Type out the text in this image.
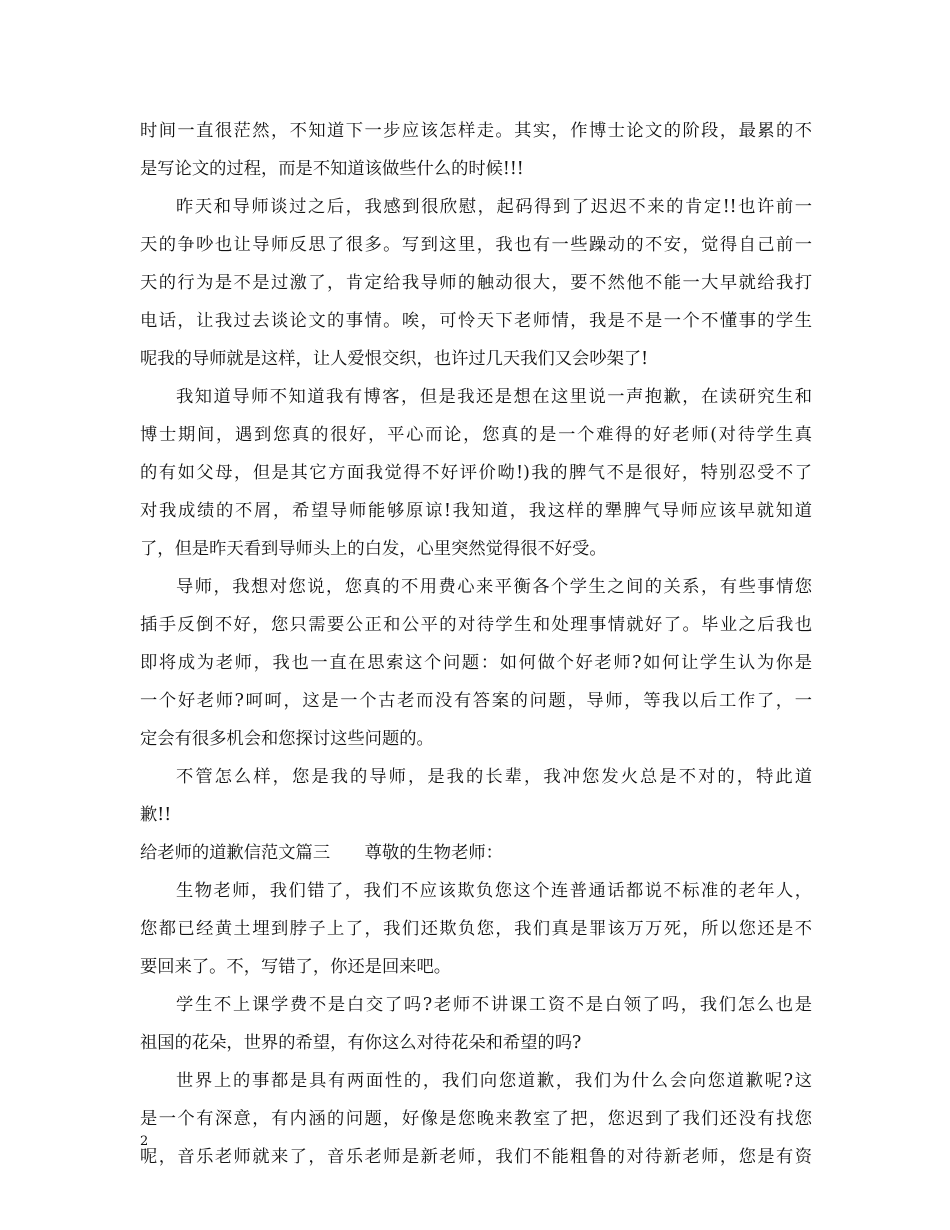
时间一直很茫然，不知道下一步应该怎样走。其实，作博士论文的阶段，最累的不
是写论文的过程，而是不知道该做些什么的时候!!!
昨天和导师谈过之后，我感到很欣慰，起码得到了迟迟不来的肯定!!也许前一
天的争吵也让导师反思了很多。写到这里，我也有一些躁动的不安，觉得自己前一
天的行为是不是过激了，肯定给我导师的触动很大，要不然他不能一大早就给我打
电话，让我过去谈论文的事情。唉，可怜天下老师情，我是不是一个不懂事的学生
呢我的导师就是这样，让人爱恨交织，也许过几天我们又会吵架了!
我知道导师不知道我有博客，但是我还是想在这里说一声抱歉，在读研究生和
博士期间，遇到您真的很好，平心而论，您真的是一个难得的好老师(对待学生真
的有如父母，但是其它方面我觉得不好评价呦!)我的脾气不是很好，特别忍受不了
对我成绩的不屑，希望导师能够原谅!我知道，我这样的犟脾气导师应该早就知道
了，但是昨天看到导师头上的白发，心里突然觉得很不好受。
导师，我想对您说，您真的不用费心来平衡各个学生之间的关系，有些事情您
插手反倒不好，您只需要公正和公平的对待学生和处理事情就好了。毕业之后我也
即将成为老师，我也一直在思索这个问题：如何做个好老师?如何让学生认为你是
一个好老师?呵呵，这是一个古老而没有答案的问题，导师，等我以后工作了，一
定会有很多机会和您探讨这些问题的。
不管怎么样，您是我的导师，是我的长辈，我冲您发火总是不对的，特此道
歉!!
给老师的道歉信范文篇三　　尊敬的生物老师：
生物老师，我们错了，我们不应该欺负您这个连普通话都说不标准的老年人，
您都已经黄土埋到脖子上了，我们还欺负您，我们真是罪该万万死，所以您还是不
要回来了。不，写错了，你还是回来吧。
学生不上课学费不是白交了吗?老师不讲课工资不是白领了吗，我们怎么也是
祖国的花朵，世界的希望，有你这么对待花朵和希望的吗?
世界上的事都是具有两面性的，我们向您道歉，我们为什么会向您道歉呢?这
是一个有深意，有内涵的问题，好像是您晚来教室了把，您迟到了我们还没有找您
呢，音乐老师就来了，音乐老师是新老师，我们不能粗鲁的对待新老师，您是有资
2
